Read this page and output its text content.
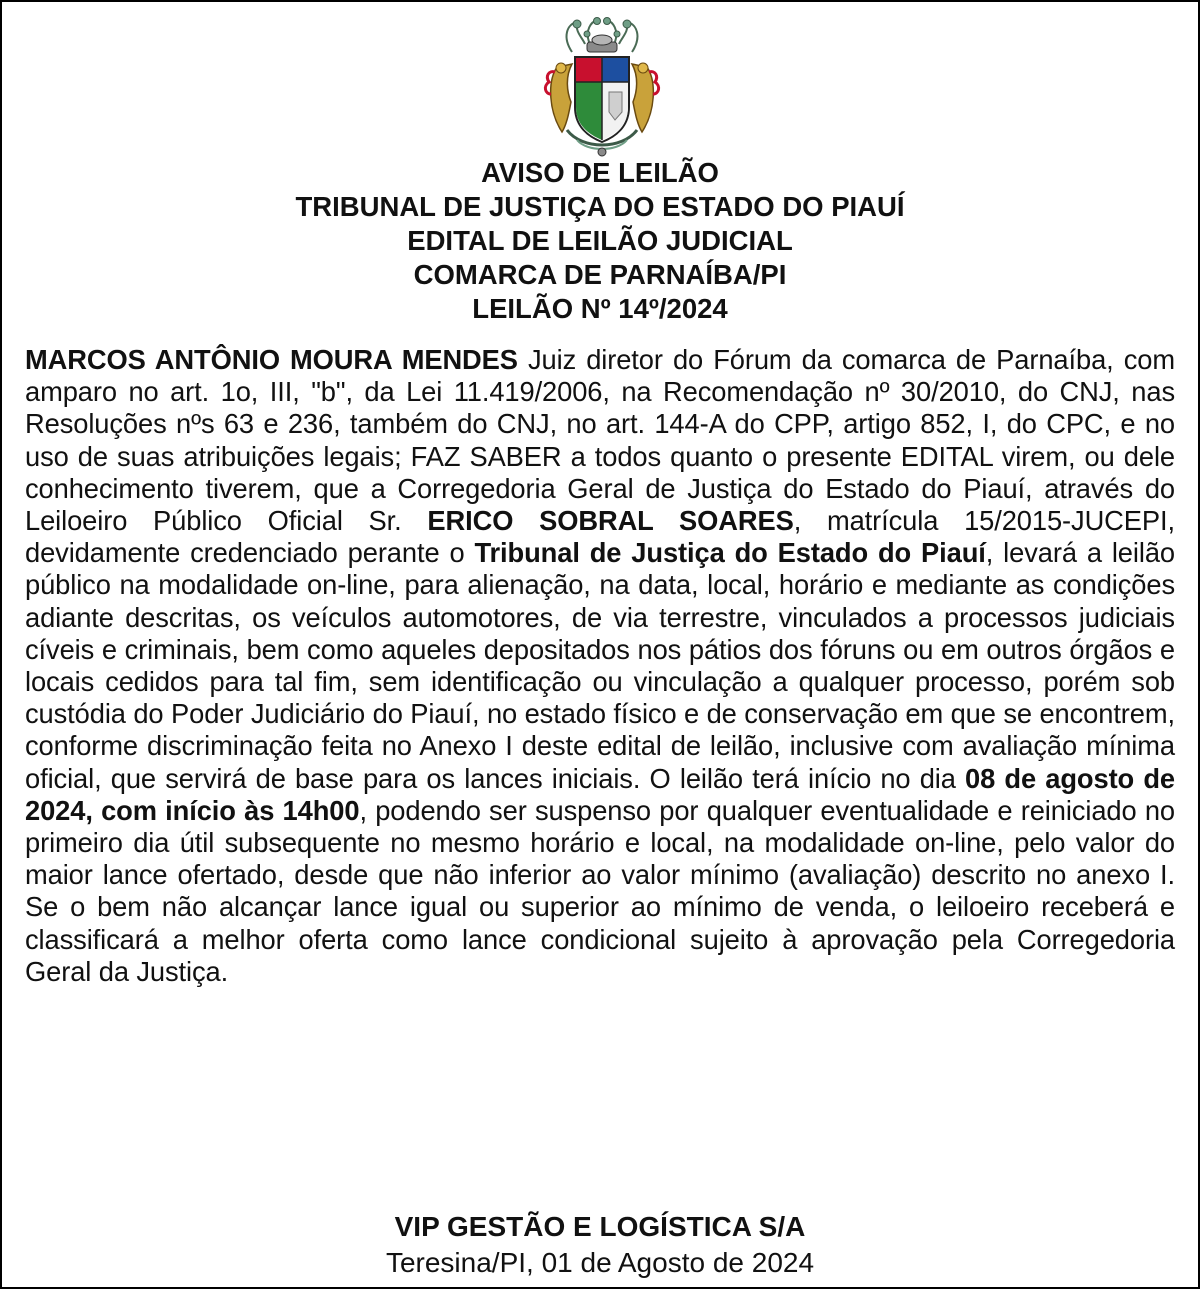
AVISO DE LEILÃO
TRIBUNAL DE JUSTIÇA DO ESTADO DO PIAUÍ
EDITAL DE LEILÃO JUDICIAL
COMARCA DE PARNAÍBA/PI
LEILÃO Nº 14º/2024

MARCOS ANTÔNIO MOURA MENDES Juiz diretor do Fórum da comarca de Parnaíba, com amparo no art. 1o, III, "b", da Lei 11.419/2006, na Recomendação nº 30/2010, do CNJ, nas Resoluções nºs 63 e 236, também do CNJ, no art. 144-A do CPP, artigo 852, I, do CPC, e no uso de suas atribuições legais; FAZ SABER a todos quanto o presente EDITAL virem, ou dele conhecimento tiverem, que a Corregedoria Geral de Justiça do Estado do Piauí, através do Leiloeiro Público Oficial Sr. ERICO SOBRAL SOARES, matrícula 15/2015-JUCEPI, devidamente credenciado perante o Tribunal de Justiça do Estado do Piauí, levará a leilão público na modalidade on-line, para alienação, na data, local, horário e mediante as condições adiante descritas, os veículos automotores, de via terrestre, vinculados a processos judiciais cíveis e criminais, bem como aqueles depositados nos pátios dos fóruns ou em outros órgãos e locais cedidos para tal fim, sem identificação ou vinculação a qualquer processo, porém sob custódia do Poder Judiciário do Piauí, no estado físico e de conservação em que se encontrem, conforme discriminação feita no Anexo I deste edital de leilão, inclusive com avaliação mínima oficial, que servirá de base para os lances iniciais. O leilão terá início no dia 08 de agosto de 2024, com início às 14h00, podendo ser suspenso por qualquer eventualidade e reiniciado no primeiro dia útil subsequente no mesmo horário e local, na modalidade on-line, pelo valor do maior lance ofertado, desde que não inferior ao valor mínimo (avaliação) descrito no anexo I. Se o bem não alcançar lance igual ou superior ao mínimo de venda, o leiloeiro receberá e classificará a melhor oferta como lance condicional sujeito à aprovação pela Corregedoria Geral da Justiça.

VIP GESTÃO E LOGÍSTICA S/A
Teresina/PI, 01 de Agosto de 2024
